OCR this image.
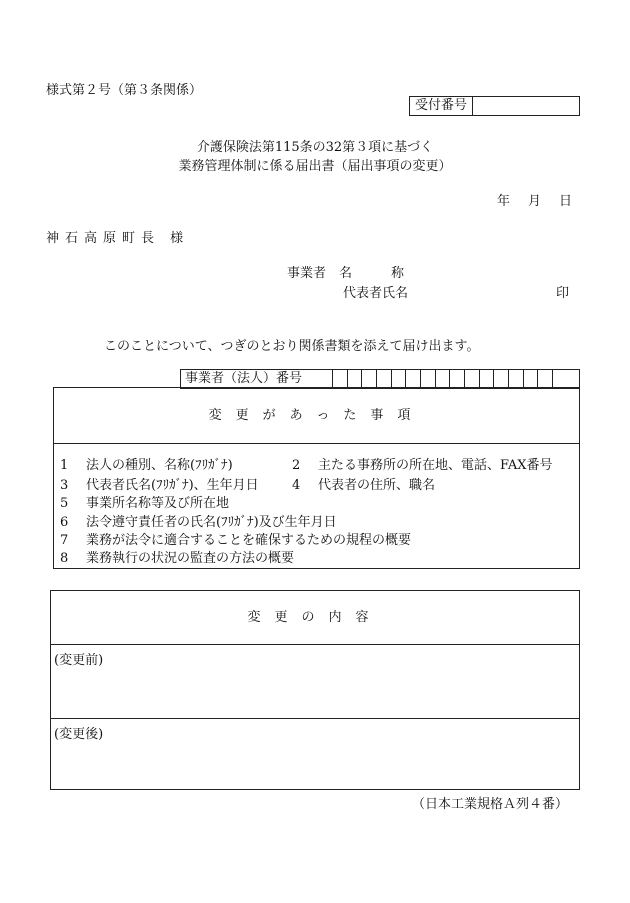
様式第２号（第３条関係）
受付番号
介護保険法第115条の32第３項に基づく
業務管理体制に係る届出書（届出事項の変更）
年 月 日
神石高原町長 様
事業者　名　　　称
代表者氏名	印
このことについて、つぎのとおり関係書類を添えて届け出ます。
事業者（法人）番号
変更があった事項
1 法人の種別、名称(ﾌﾘｶﾞﾅ)	2 主たる事務所の所在地、電話、FAX番号
3 代表者氏名(ﾌﾘｶﾞﾅ)、生年月日	4 代表者の住所、職名
5 事業所名称等及び所在地
6 法令遵守責任者の氏名(ﾌﾘｶﾞﾅ)及び生年月日
7 業務が法令に適合することを確保するための規程の概要
8 業務執行の状況の監査の方法の概要
変更の内容
(変更前)
(変更後)
（日本工業規格Ａ列４番）
